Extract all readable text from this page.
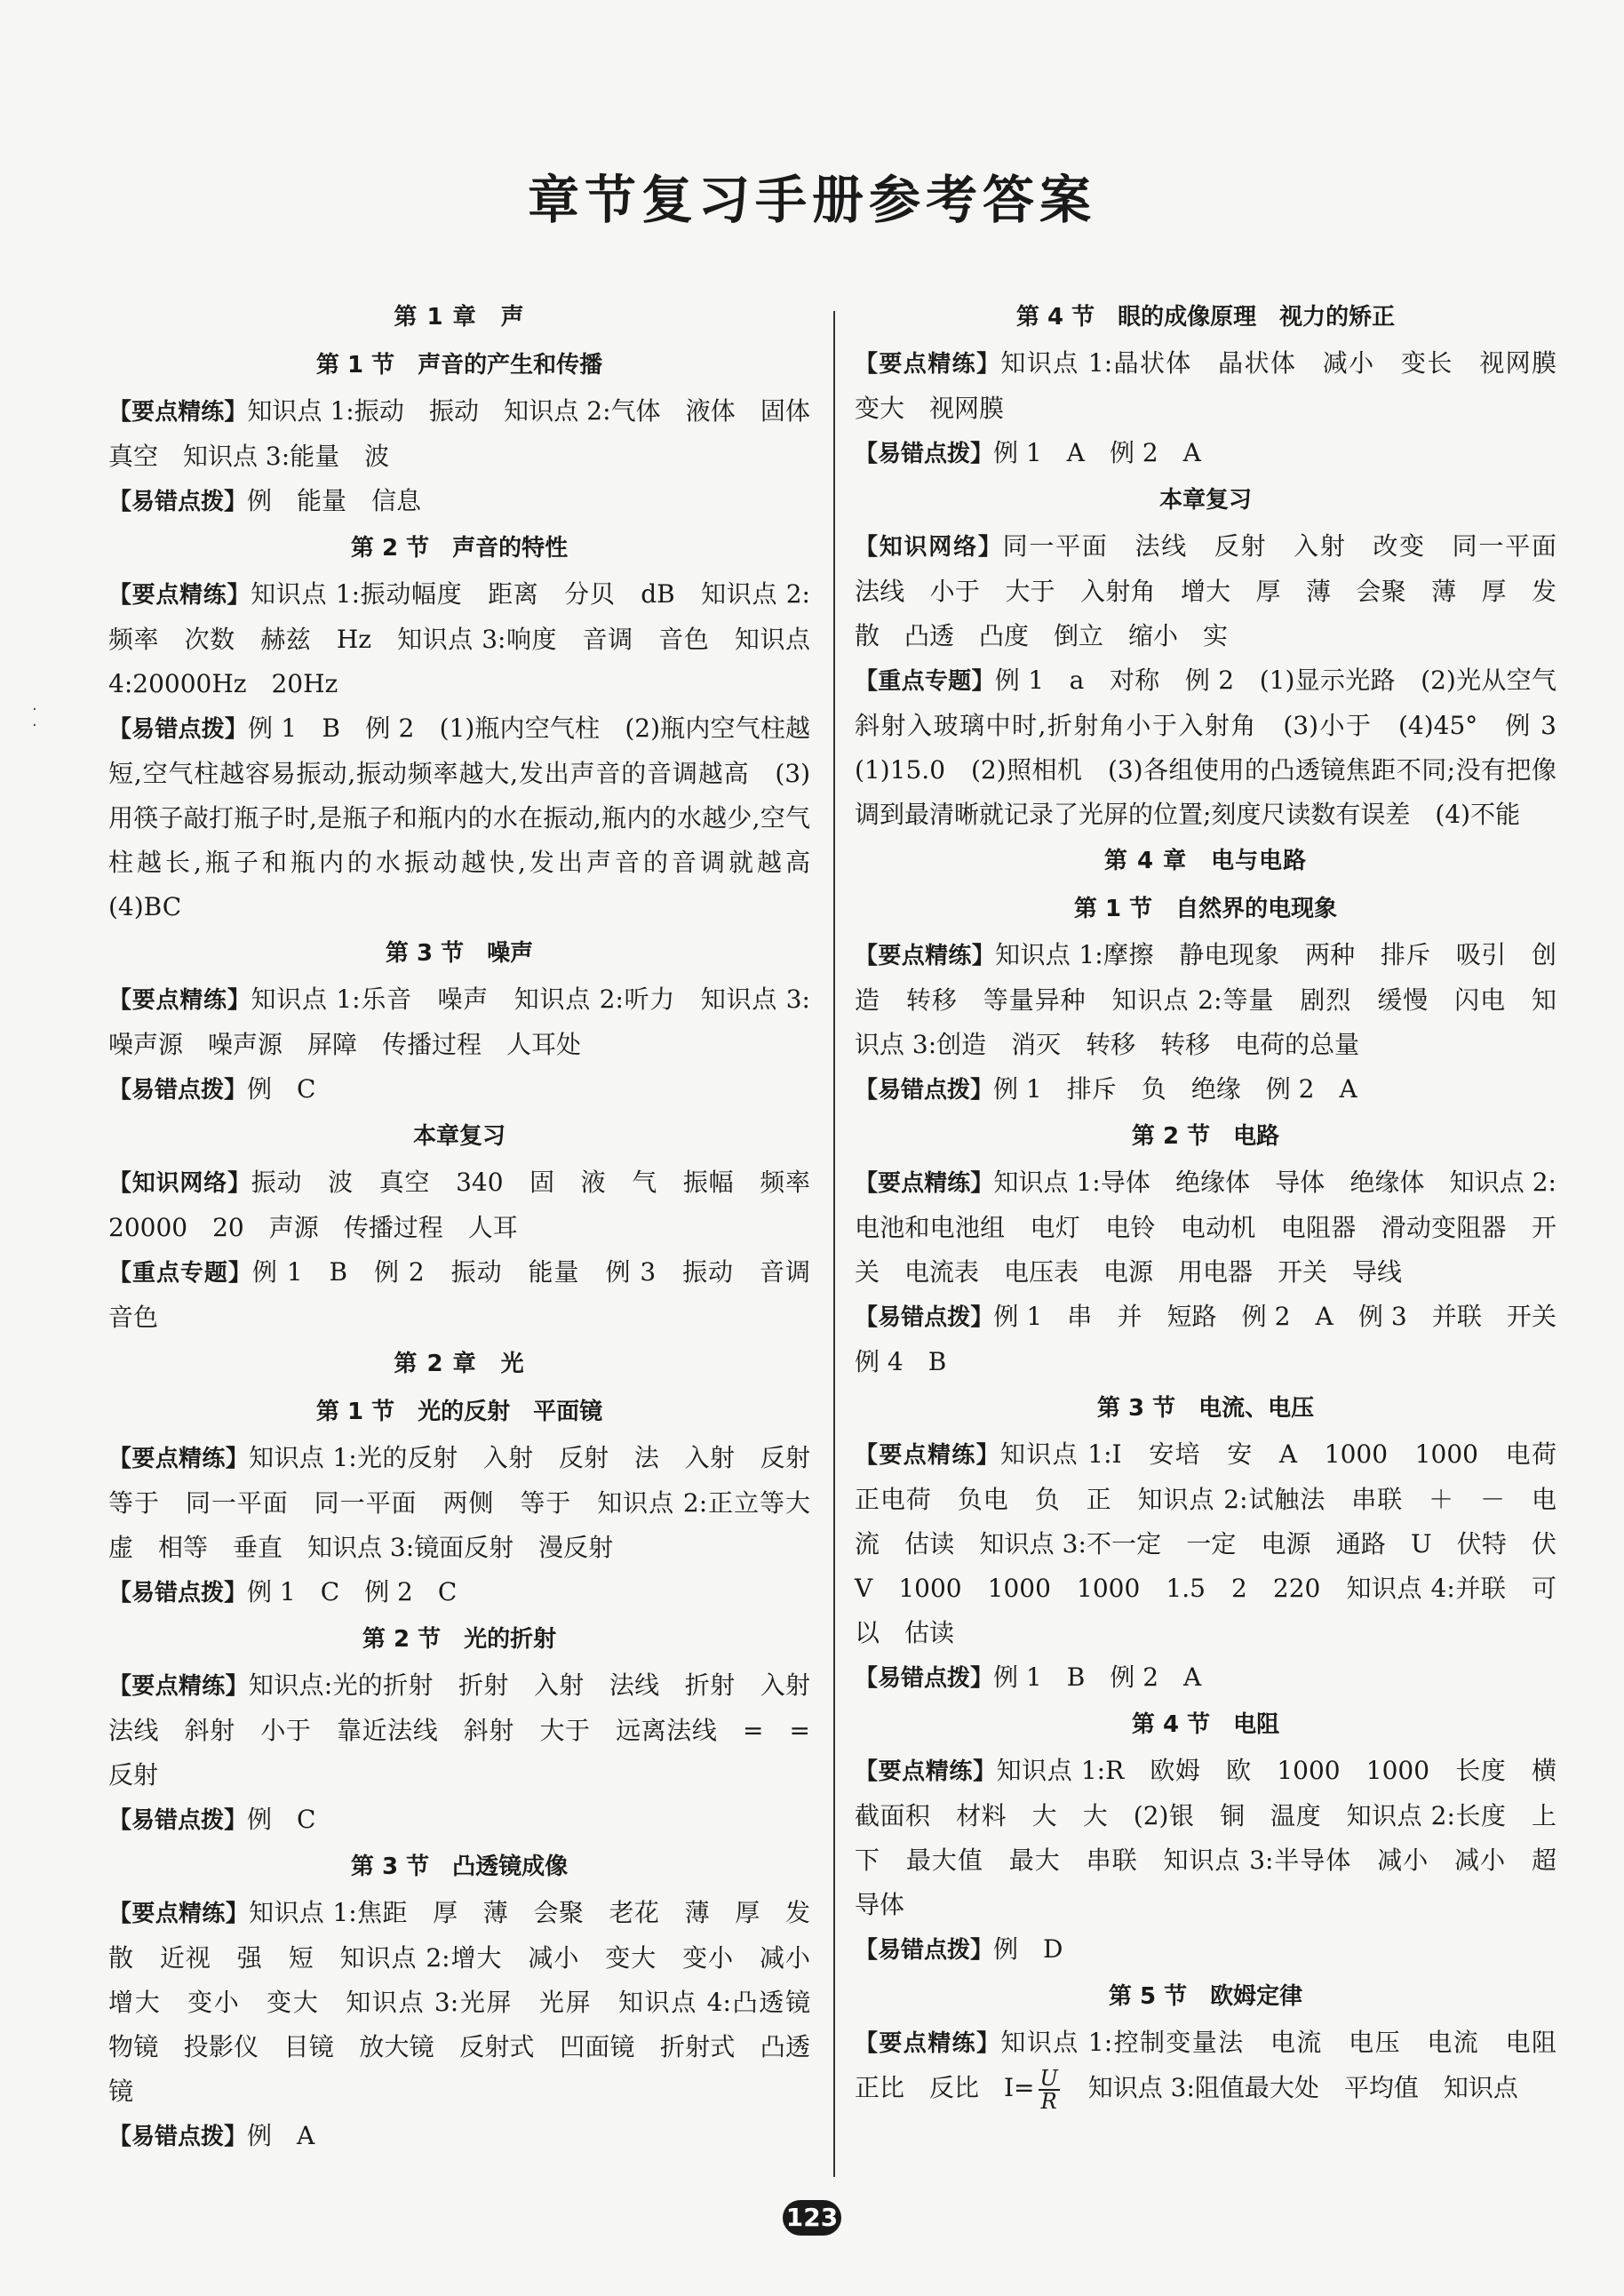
章节复习手册参考答案
·
·

第 1 章　声

第 1 节　声音的产生和传播

【要点精练】知识点 1:振动　振动　知识点 2:气体　液体　固体　真空　知识点 3:能量　波

【易错点拨】例　能量　信息

第 2 节　声音的特性

【要点精练】知识点 1:振动幅度　距离　分贝　dB　知识点 2:频率　次数　赫兹　Hz　知识点 3:响度　音调　音色　知识点 4:20000Hz　20Hz

【易错点拨】例 1　B　例 2　(1)瓶内空气柱　(2)瓶内空气柱越短,空气柱越容易振动,振动频率越大,发出声音的音调越高　(3)用筷子敲打瓶子时,是瓶子和瓶内的水在振动,瓶内的水越少,空气柱越长,瓶子和瓶内的水振动越快,发出声音的音调就越高　(4)BC

第 3 节　噪声

【要点精练】知识点 1:乐音　噪声　知识点 2:听力　知识点 3:噪声源　噪声源　屏障　传播过程　人耳处

【易错点拨】例　C

本章复习

【知识网络】振动　波　真空　340　固　液　气　振幅　频率　20000　20　声源　传播过程　人耳

【重点专题】例 1　B　例 2　振动　能量　例 3　振动　音调　音色

第 2 章　光

第 1 节　光的反射　平面镜

【要点精练】知识点 1:光的反射　入射　反射　法　入射　反射　等于　同一平面　同一平面　两侧　等于　知识点 2:正立等大　虚　相等　垂直　知识点 3:镜面反射　漫反射

【易错点拨】例 1　C　例 2　C

第 2 节　光的折射

【要点精练】知识点:光的折射　折射　入射　法线　折射　入射　法线　斜射　小于　靠近法线　斜射　大于　远离法线　=　=　反射

【易错点拨】例　C

第 3 节　凸透镜成像

【要点精练】知识点 1:焦距　厚　薄　会聚　老花　薄　厚　发散　近视　强　短　知识点 2:增大　减小　变大　变小　减小　增大　变小　变大　知识点 3:光屏　光屏　知识点 4:凸透镜　物镜　投影仪　目镜　放大镜　反射式　凹面镜　折射式　凸透镜

【易错点拨】例　A

第 4 节　眼的成像原理　视力的矫正

【要点精练】知识点 1:晶状体　晶状体　减小　变长　视网膜　变大　视网膜

【易错点拨】例 1　A　例 2　A

本章复习

【知识网络】同一平面　法线　反射　入射　改变　同一平面　法线　小于　大于　入射角　增大　厚　薄　会聚　薄　厚　发散　凸透　凸度　倒立　缩小　实

【重点专题】例 1　a　对称　例 2　(1)显示光路　(2)光从空气斜射入玻璃中时,折射角小于入射角　(3)小于　(4)45°　例 3　(1)15.0　(2)照相机　(3)各组使用的凸透镜焦距不同;没有把像调到最清晰就记录了光屏的位置;刻度尺读数有误差　(4)不能

第 4 章　电与电路

第 1 节　自然界的电现象

【要点精练】知识点 1:摩擦　静电现象　两种　排斥　吸引　创造　转移　等量异种　知识点 2:等量　剧烈　缓慢　闪电　知识点 3:创造　消灭　转移　转移　电荷的总量

【易错点拨】例 1　排斥　负　绝缘　例 2　A

第 2 节　电路

【要点精练】知识点 1:导体　绝缘体　导体　绝缘体　知识点 2:电池和电池组　电灯　电铃　电动机　电阻器　滑动变阻器　开关　电流表　电压表　电源　用电器　开关　导线

【易错点拨】例 1　串　并　短路　例 2　A　例 3　并联　开关　例 4　B

第 3 节　电流、电压

【要点精练】知识点 1:I　安培　安　A　1000　1000　电荷　正电荷　负电　负　正　知识点 2:试触法　串联　＋　－　电流　估读　知识点 3:不一定　一定　电源　通路　U　伏特　伏　V　1000　1000　1000　1.5　2　220　知识点 4:并联　可以　估读

【易错点拨】例 1　B　例 2　A

第 4 节　电阻

【要点精练】知识点 1:R　欧姆　欧　1000　1000　长度　横截面积　材料　大　大　(2)银　铜　温度　知识点 2:长度　上下　最大值　最大　串联　知识点 3:半导体　减小　减小　超导体

【易错点拨】例　D

第 5 节　欧姆定律

【要点精练】知识点 1:控制变量法　电流　电压　电流　电阻　正比　反比　$I= \frac{U}{R}$ 　知识点 3:阻值最大处　平均值　知识点

123
